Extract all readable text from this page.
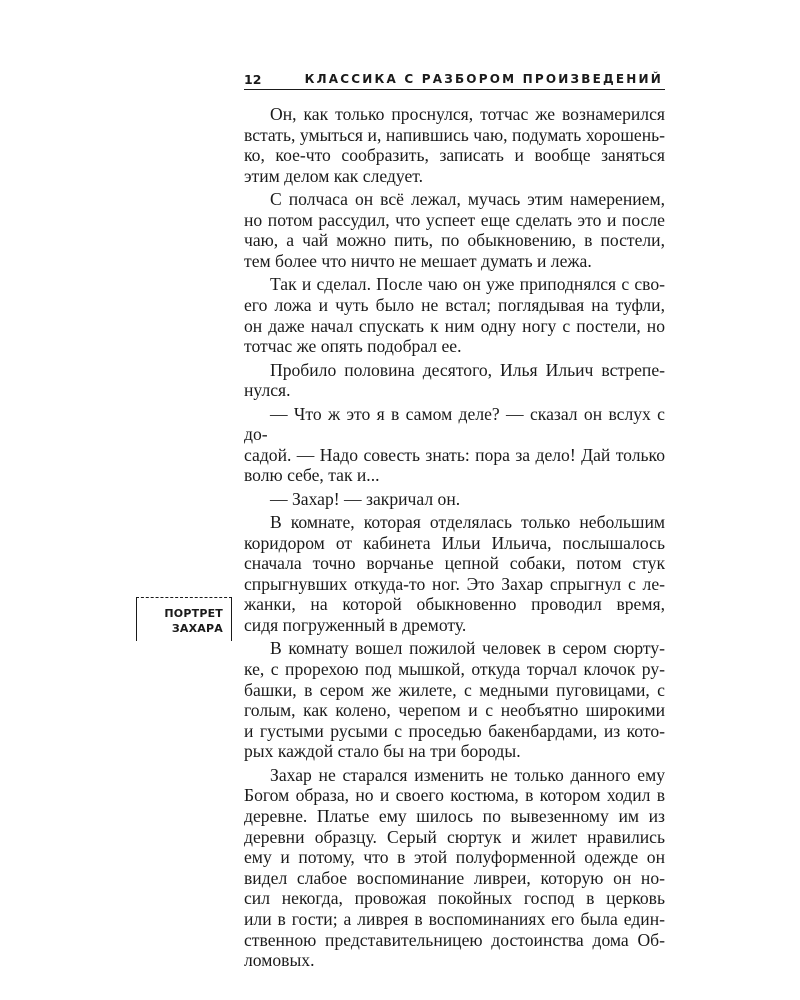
12	КЛАССИКА С РАЗБОРОМ ПРОИЗВЕДЕНИЙ
ПОРТРЕТ
ЗАХАРА

Он, как только проснулся, тотчас же вознамерился
встать, умыться и, напившись чаю, подумать хорошень-
ко, кое-что сообразить, записать и вообще заняться
этим делом как следует.

С полчаса он всё лежал, мучась этим намерением,
но потом рассудил, что успеет еще сделать это и после
чаю, а чай можно пить, по обыкновению, в постели,
тем более что ничто не мешает думать и лежа.

Так и сделал. После чаю он уже приподнялся с сво-
его ложа и чуть было не встал; поглядывая на туфли,
он даже начал спускать к ним одну ногу с постели, но
тотчас же опять подобрал ее.

Пробило половина десятого, Илья Ильич встрепе-
нулся.

— Что ж это я в самом деле? — сказал он вслух с до-
садой. — Надо совесть знать: пора за дело! Дай только
волю себе, так и...

— Захар! — закричал он.

В комнате, которая отделялась только небольшим
коридором от кабинета Ильи Ильича, послышалось
сначала точно ворчанье цепной собаки, потом стук
спрыгнувших откуда-то ног. Это Захар спрыгнул с ле-
жанки, на которой обыкновенно проводил время,
сидя погруженный в дремоту.

В комнату вошел пожилой человек в сером сюрту-
ке, с прорехою под мышкой, откуда торчал клочок ру-
башки, в сером же жилете, с медными пуговицами, с
голым, как колено, черепом и с необъятно широкими
и густыми русыми с проседью бакенбардами, из кото-
рых каждой стало бы на три бороды.

Захар не старался изменить не только данного ему
Богом образа, но и своего костюма, в котором ходил в
деревне. Платье ему шилось по вывезенному им из
деревни образцу. Серый сюртук и жилет нравились
ему и потому, что в этой полуформенной одежде он
видел слабое воспоминание ливреи, которую он но-
сил некогда, провожая покойных господ в церковь
или в гости; а ливрея в воспоминаниях его была един-
ственною представительницею достоинства дома Об-
ломовых.
